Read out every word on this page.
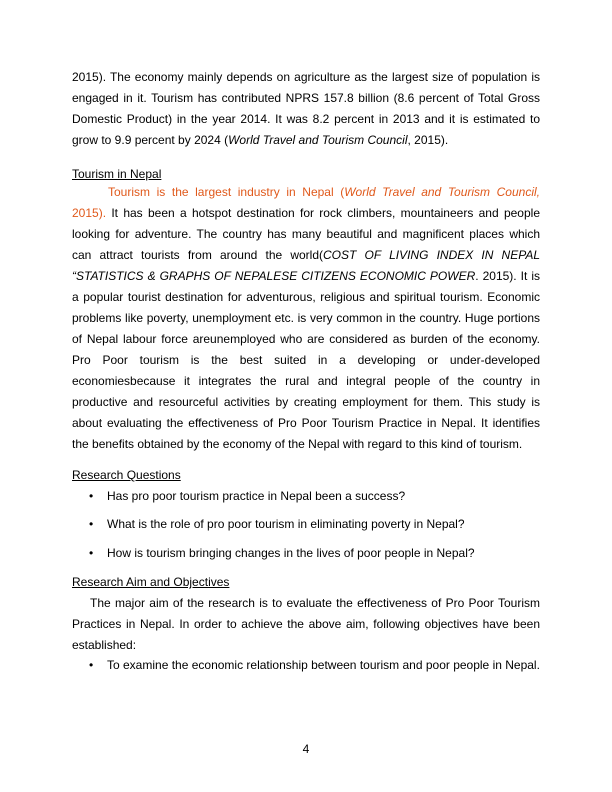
2015). The economy mainly depends on agriculture as the largest size of population is engaged in it. Tourism has contributed NPRS 157.8 billion (8.6 percent of Total Gross Domestic Product) in the year 2014. It was 8.2 percent in 2013 and it is estimated to grow to 9.9 percent by 2024 (World Travel and Tourism Council, 2015).

Tourism in Nepal

Tourism is the largest industry in Nepal (World Travel and Tourism Council, 2015). It has been a hotspot destination for rock climbers, mountaineers and people looking for adventure. The country has many beautiful and magnificent places which can attract tourists from around the world(COST OF LIVING INDEX IN NEPAL “STATISTICS & GRAPHS OF NEPALESE CITIZENS ECONOMIC POWER. 2015). It is a popular tourist destination for adventurous, religious and spiritual tourism. Economic problems like poverty, unemployment etc. is very common in the country. Huge portions of Nepal labour force areunemployed who are considered as burden of the economy. Pro Poor tourism is the best suited in a developing or under-developed economiesbecause it integrates the rural and integral people of the country in productive and resourceful activities by creating employment for them. This study is about evaluating the effectiveness of Pro Poor Tourism Practice in Nepal. It identifies the benefits obtained by the economy of the Nepal with regard to this kind of tourism.

Research Questions
•	Has pro poor tourism practice in Nepal been a success?
•	What is the role of pro poor tourism in eliminating poverty in Nepal?
•	How is tourism bringing changes in the lives of poor people in Nepal?
Research Aim and Objectives

The major aim of the research is to evaluate the effectiveness of Pro Poor Tourism Practices in Nepal. In order to achieve the above aim, following objectives have been established:

•	To examine the economic relationship between tourism and poor people in Nepal.
4
